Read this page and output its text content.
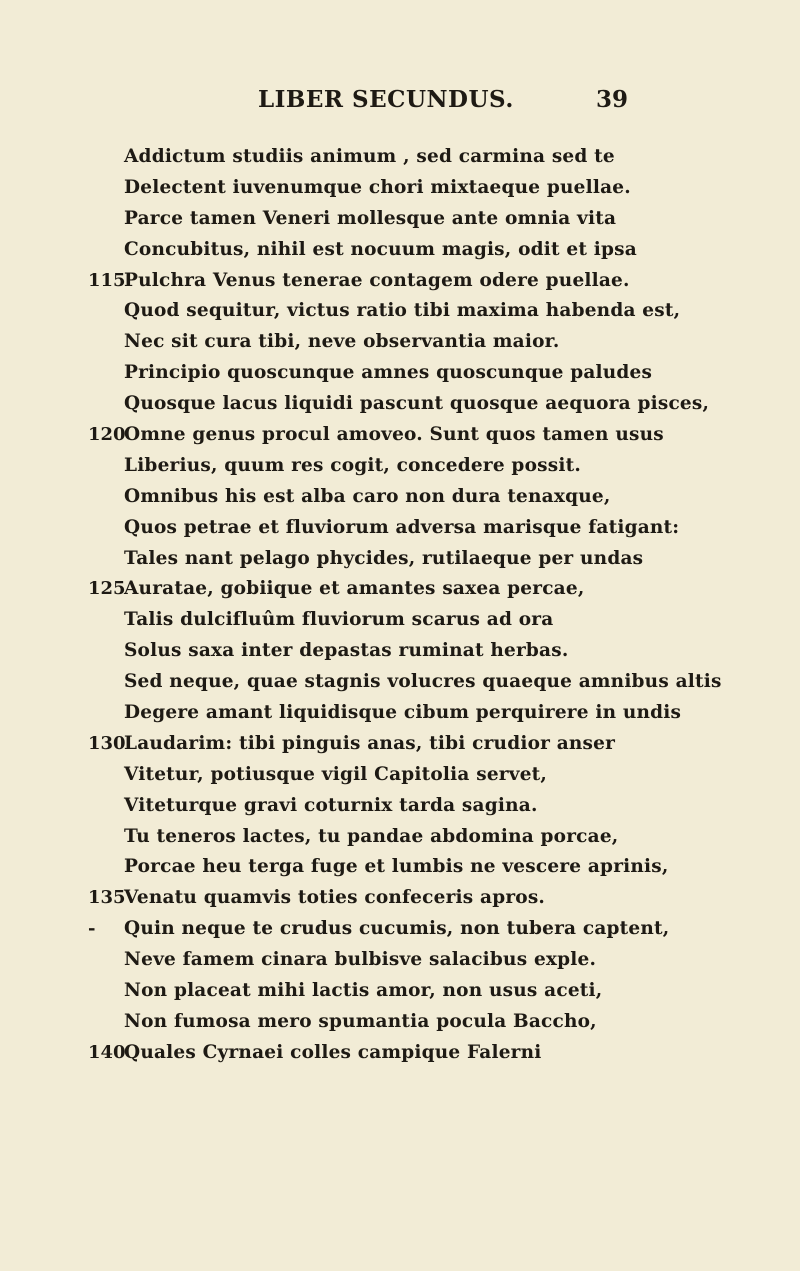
LIBER SECUNDUS.	39
Addictum studiis animum , sed carmina sed te
Delectent iuvenumque chori mixtaeque puellae.
Parce tamen Veneri mollesque ante omnia vita
Concubitus, nihil est nocuum magis, odit et ipsa
115
Pulchra Venus tenerae contagem odere puellae.
Quod sequitur, victus ratio tibi maxima habenda est,
Nec sit cura tibi, neve observantia maior.
Principio quoscunque amnes quoscunque paludes
Quosque lacus liquidi pascunt quosque aequora pisces,
120
Omne genus procul amoveo. Sunt quos tamen usus
Liberius, quum res cogit, concedere possit.
Omnibus his est alba caro non dura tenaxque,
Quos petrae et fluviorum adversa marisque fatigant:
Tales nant pelago phycides, rutilaeque per undas
125
Auratae, gobiique et amantes saxea percae,
Talis dulcifluûm fluviorum scarus ad ora
Solus saxa inter depastas ruminat herbas.
Sed neque, quae stagnis volucres quaeque amnibus altis
Degere amant liquidisque cibum perquirere in undis
130
Laudarim: tibi pinguis anas, tibi crudior anser
Vitetur, potiusque vigil Capitolia servet,
Viteturque gravi coturnix tarda sagina.
Tu teneros lactes, tu pandae abdomina porcae,
Porcae heu terga fuge et lumbis ne vescere aprinis,
135
Venatu quamvis toties confeceris apros.
-	Quin neque te crudus cucumis, non tubera captent,
Neve famem cinara bulbisve salacibus exple.
Non placeat mihi lactis amor, non usus aceti,
Non fumosa mero spumantia pocula Baccho,
140
Quales Cyrnaei colles campique Falerni
